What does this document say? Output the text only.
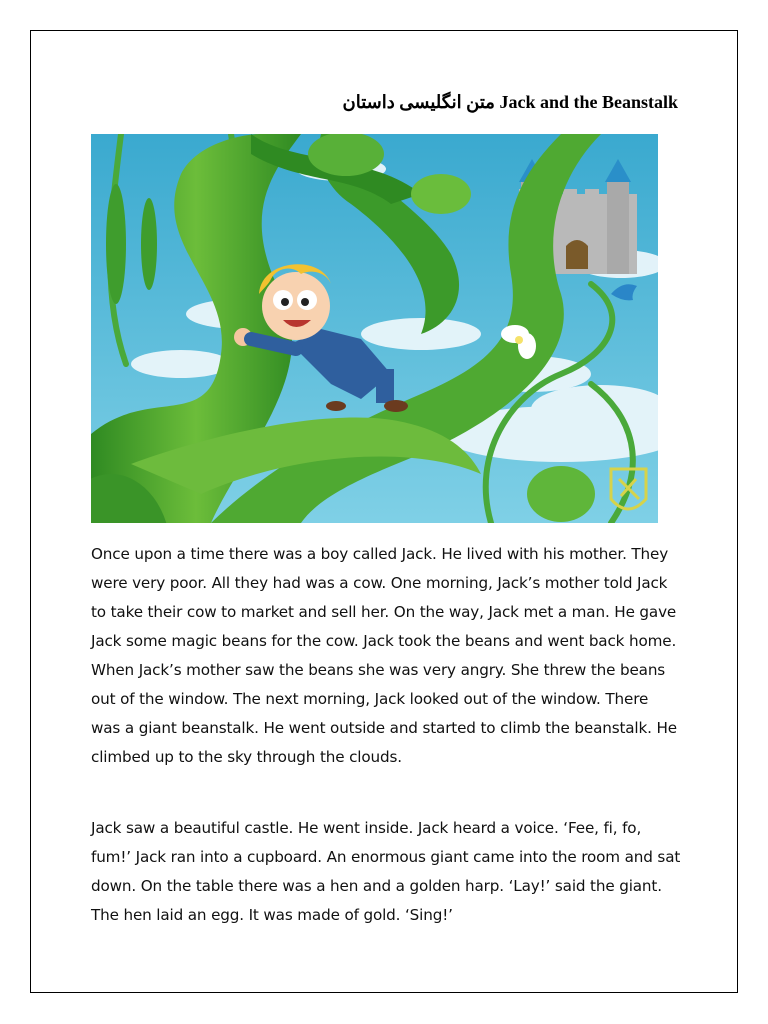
متن انگلیسی داستان Jack and the Beanstalk

Once upon a time there was a boy called Jack. He lived with his mother. They were very poor. All they had was a cow. One morning, Jack’s mother told Jack to take their cow to market and sell her. On the way, Jack met a man. He gave Jack some magic beans for the cow. Jack took the beans and went back home. When Jack’s mother saw the beans she was very angry. She threw the beans out of the window. The next morning, Jack looked out of the window. There was a giant beanstalk. He went outside and started to climb the beanstalk. He climbed up to the sky through the clouds.

Jack saw a beautiful castle. He went inside. Jack heard a voice. ‘Fee, fi, fo, fum!’ Jack ran into a cupboard. An enormous giant came into the room and sat down. On the table there was a hen and a golden harp. ‘Lay!’ said the giant. The hen laid an egg. It was made of gold. ‘Sing!’
